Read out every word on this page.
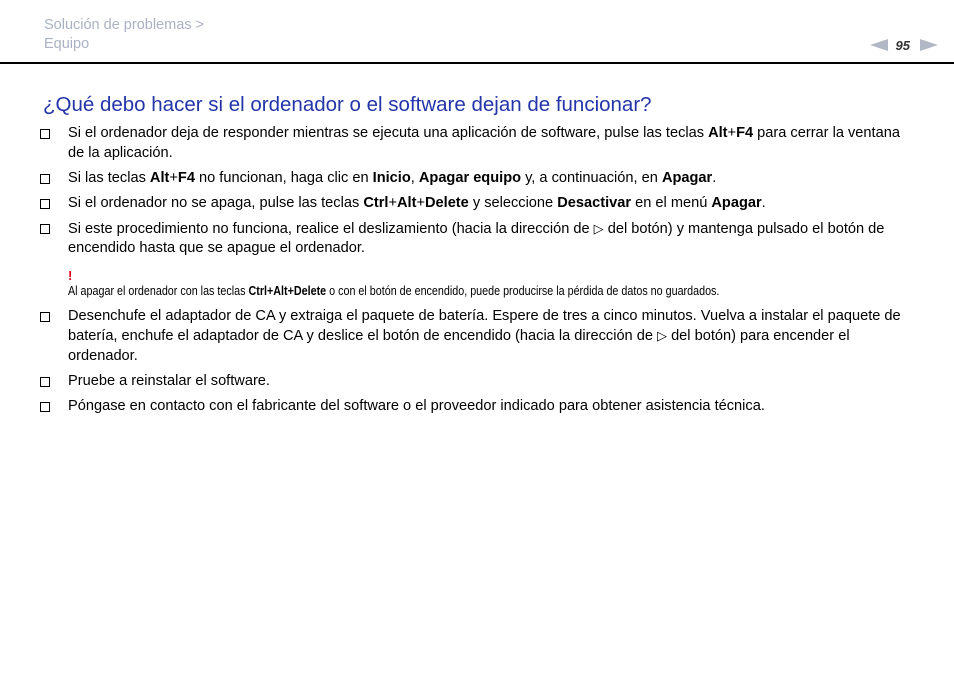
Solución de problemas >
Equipo	95
¿Qué debo hacer si el ordenador o el software dejan de funcionar?
Si el ordenador deja de responder mientras se ejecuta una aplicación de software, pulse las teclas Alt+F4 para cerrar la ventana de la aplicación.
Si las teclas Alt+F4 no funcionan, haga clic en Inicio, Apagar equipo y, a continuación, en Apagar.
Si el ordenador no se apaga, pulse las teclas Ctrl+Alt+Delete y seleccione Desactivar en el menú Apagar.
Si este procedimiento no funciona, realice el deslizamiento (hacia la dirección de ▷ del botón) y mantenga pulsado el botón de encendido hasta que se apague el ordenador.
!
Al apagar el ordenador con las teclas Ctrl+Alt+Delete o con el botón de encendido, puede producirse la pérdida de datos no guardados.
Desenchufe el adaptador de CA y extraiga el paquete de batería. Espere de tres a cinco minutos. Vuelva a instalar el paquete de batería, enchufe el adaptador de CA y deslice el botón de encendido (hacia la dirección de ▷ del botón) para encender el ordenador.
Pruebe a reinstalar el software.
Póngase en contacto con el fabricante del software o el proveedor indicado para obtener asistencia técnica.
